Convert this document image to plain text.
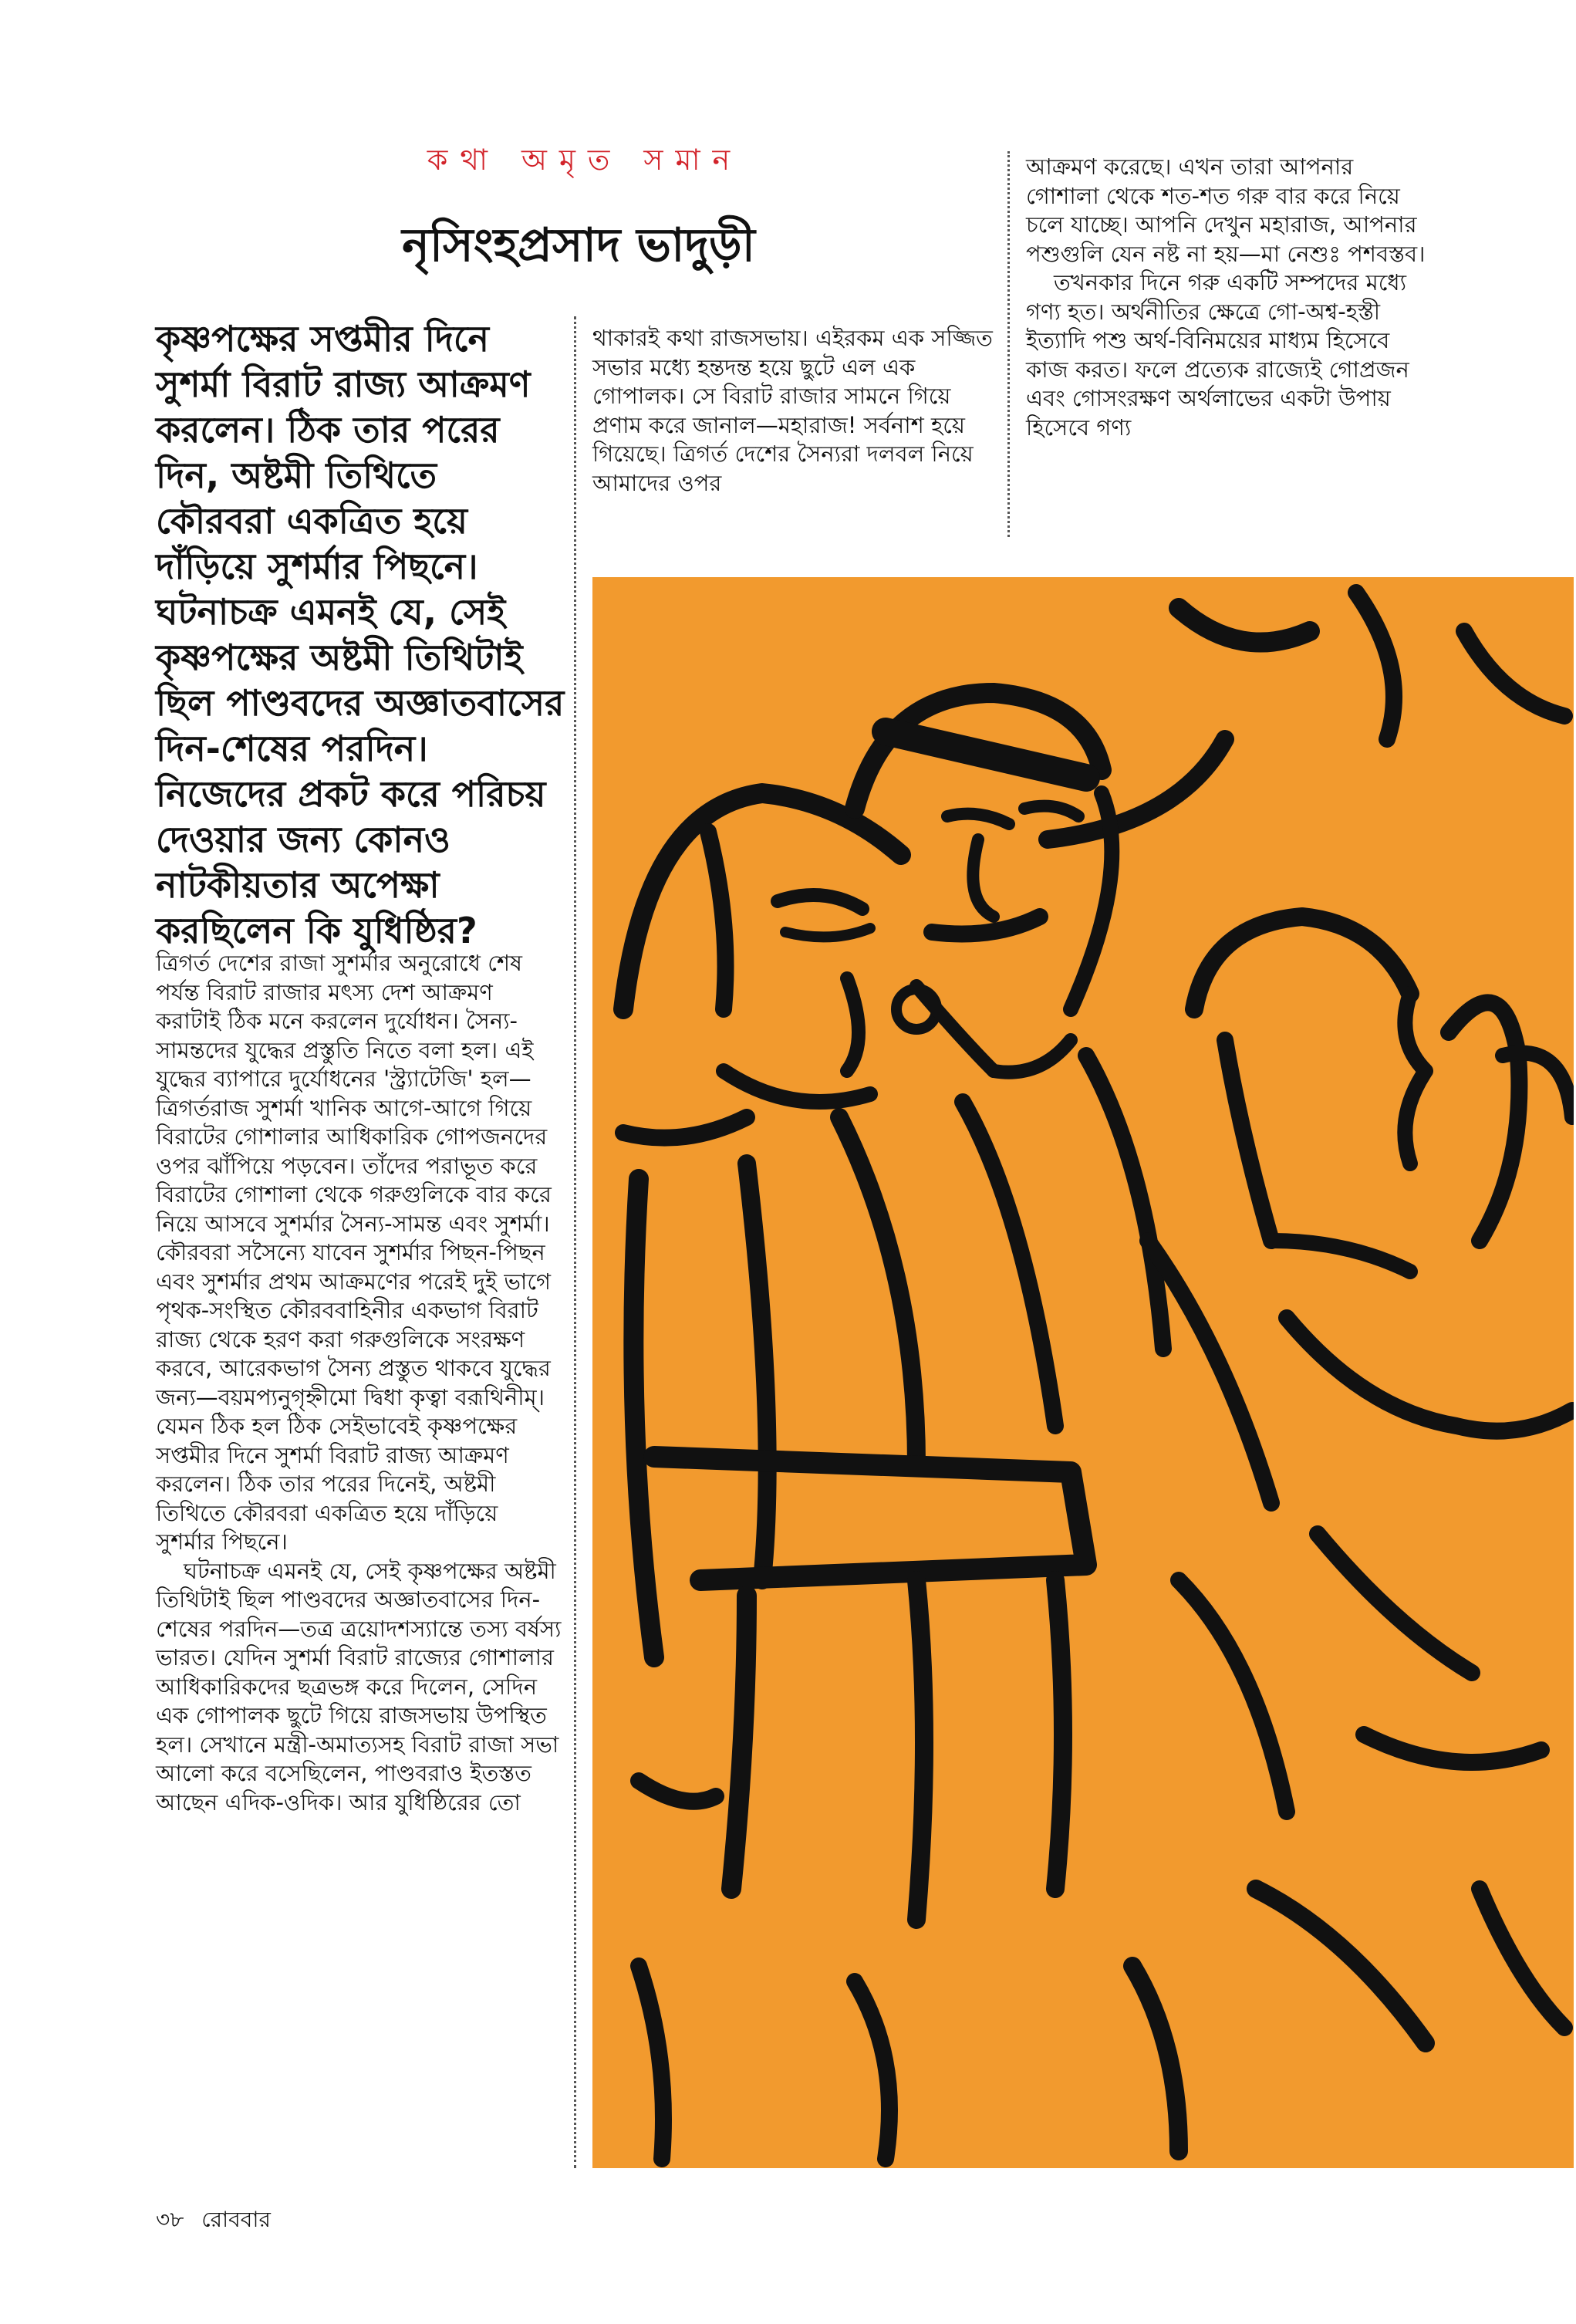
কথা অমৃত সমান
নৃসিংহপ্রসাদ ভাদুড়ী
কৃষ্ণপক্ষের সপ্তমীর দিনে সুশর্মা বিরাট রাজ্য আক্রমণ করলেন। ঠিক তার পরের দিন, অষ্টমী তিথিতে কৌরবরা একত্রিত হয়ে দাঁড়িয়ে সুশর্মার পিছনে। ঘটনাচক্র এমনই যে, সেই কৃষ্ণপক্ষের অষ্টমী তিথিটাই ছিল পাণ্ডবদের অজ্ঞাতবাসের দিন-শেষের পরদিন। নিজেদের প্রকট করে পরিচয় দেওয়ার জন্য কোনও নাটকীয়তার অপেক্ষা করছিলেন কি যুধিষ্ঠির?

ত্রিগর্ত দেশের রাজা সুশর্মার অনুরোধে শেষ পর্যন্ত বিরাট রাজার মৎস্য দেশ আক্রমণ করাটাই ঠিক মনে করলেন দুর্যোধন। সৈন্য-সামন্তদের যুদ্ধের প্রস্তুতি নিতে বলা হল। এই যুদ্ধের ব্যাপারে দুর্যোধনের 'স্ট্র্যাটেজি' হল—ত্রিগর্তরাজ সুশর্মা খানিক আগে-আগে গিয়ে বিরাটের গোশালার আধিকারিক গোপজনদের ওপর ঝাঁপিয়ে পড়বেন। তাঁদের পরাভূত করে বিরাটের গোশালা থেকে গরুগুলিকে বার করে নিয়ে আসবে সুশর্মার সৈন্য-সামন্ত এবং সুশর্মা। কৌরবরা সসৈন্যে যাবেন সুশর্মার পিছন-পিছন এবং সুশর্মার প্রথম আক্রমণের পরেই দুই ভাগে পৃথক-সংস্থিত কৌরববাহিনীর একভাগ বিরাট রাজ্য থেকে হরণ করা গরুগুলিকে সংরক্ষণ করবে, আরেকভাগ সৈন্য প্রস্তুত থাকবে যুদ্ধের জন্য—বয়মপ্যনুগৃহ্নীমো দ্বিধা কৃত্বা বরূথিনীম্। যেমন ঠিক হল ঠিক সেইভাবেই কৃষ্ণপক্ষের সপ্তমীর দিনে সুশর্মা বিরাট রাজ্য আক্রমণ করলেন। ঠিক তার পরের দিনেই, অষ্টমী তিথিতে কৌরবরা একত্রিত হয়ে দাঁড়িয়ে সুশর্মার পিছনে।

ঘটনাচক্র এমনই যে, সেই কৃষ্ণপক্ষের অষ্টমী তিথিটাই ছিল পাণ্ডবদের অজ্ঞাতবাসের দিন-শেষের পরদিন—তত্র ত্রয়োদশস্যান্তে তস্য বর্ষস্য ভারত। যেদিন সুশর্মা বিরাট রাজ্যের গোশালার আধিকারিকদের ছত্রভঙ্গ করে দিলেন, সেদিন এক গোপালক ছুটে গিয়ে রাজসভায় উপস্থিত হল। সেখানে মন্ত্রী-অমাত্যসহ বিরাট রাজা সভা আলো করে বসেছিলেন, পাণ্ডবরাও ইতস্তত আছেন এদিক-ওদিক। আর যুধিষ্ঠিরের তো

থাকারই কথা রাজসভায়। এইরকম এক সজ্জিত সভার মধ্যে হন্তদন্ত হয়ে ছুটে এল এক গোপালক। সে বিরাট রাজার সামনে গিয়ে প্রণাম করে জানাল—মহারাজ! সর্বনাশ হয়ে গিয়েছে। ত্রিগর্ত দেশের সৈন্যরা দলবল নিয়ে আমাদের ওপর

আক্রমণ করেছে। এখন তারা আপনার গোশালা থেকে শত-শত গরু বার করে নিয়ে চলে যাচ্ছে। আপনি দেখুন মহারাজ, আপনার পশুগুলি যেন নষ্ট না হয়—মা নেশুঃ পশবস্তব।

তখনকার দিনে গরু একটি সম্পদের মধ্যে গণ্য হত। অর্থনীতির ক্ষেত্রে গো-অশ্ব-হস্তী ইত্যাদি পশু অর্থ-বিনিময়ের মাধ্যম হিসেবে কাজ করত। ফলে প্রত্যেক রাজ্যেই গোপ্রজন এবং গোসংরক্ষণ অর্থলাভের একটা উপায় হিসেবে গণ্য

৩৮ রোববার
